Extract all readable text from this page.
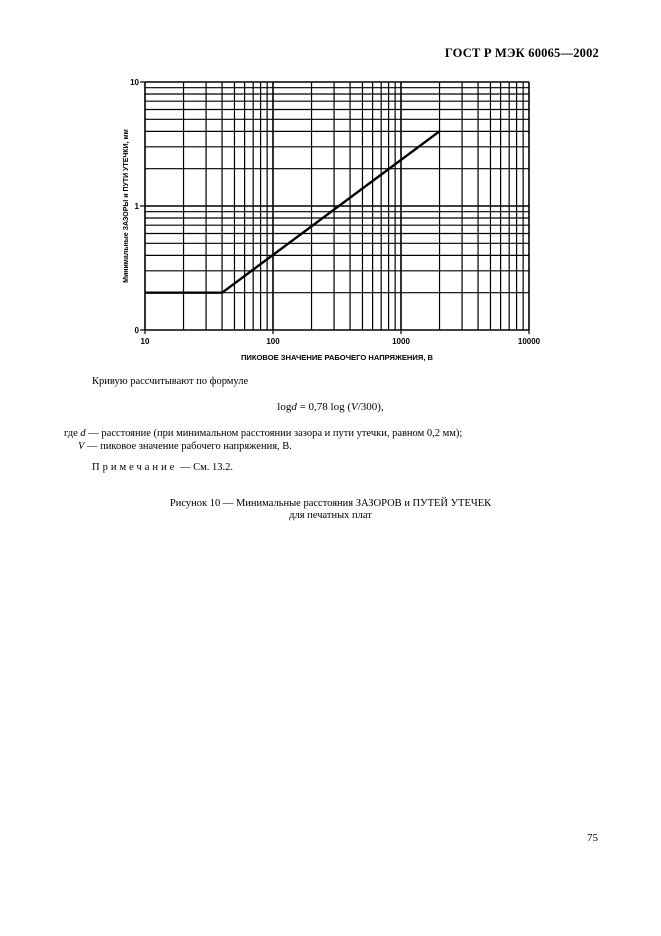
ГОСТ Р МЭК 60065—2002
10	100	1000	10000
10
1
0
ПИКОВОЕ ЗНАЧЕНИЕ РАБОЧЕГО НАПРЯЖЕНИЯ, В
Минимальные ЗАЗОРЫ и ПУТИ УТЕЧКИ, мм
Кривую рассчитывают по формуле
logd = 0,78 log (V/300),
где d — расстояние (при минимальном расстоянии зазора и пути утечки, равном 0,2 мм);
V — пиковое значение рабочего напряжения, В.
Примечание — См. 13.2.
Рисунок 10 — Минимальные расстояния ЗАЗОРОВ и ПУТЕЙ УТЕЧЕК
для печатных плат
75
